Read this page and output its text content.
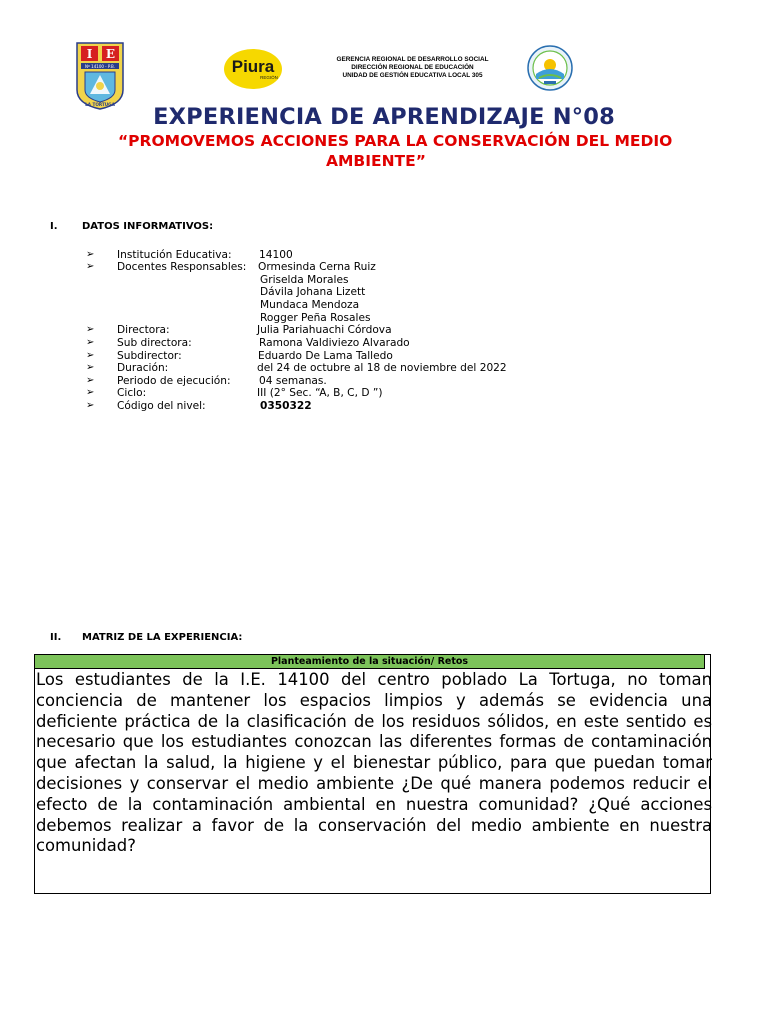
I E
Nº 14100 - P.B.
LA TORTUGA
Piura
REGIÓN
GERENCIA REGIONAL DE DESARROLLO SOCIAL
DIRECCIÓN REGIONAL DE EDUCACIÓN
UNIDAD DE GESTIÓN EDUCATIVA LOCAL 305
EXPERIENCIA DE APRENDIZAJE N°08
“PROMOVEMOS ACCIONES PARA LA CONSERVACIÓN DEL MEDIO
AMBIENTE”
I. DATOS INFORMATIVOS:
➢ Institución Educativa:	14100
➢ Docentes Responsables: Ormesinda Cerna Ruiz
Griselda Morales
Dávila Johana Lizett
Mundaca Mendoza
Rogger Peña Rosales
➢ Directora:	Julia Pariahuachi Córdova
➢ Sub directora:	Ramona Valdiviezo Alvarado
➢ Subdirector:	Eduardo De Lama Talledo
➢ Duración:	del 24 de octubre al 18 de noviembre del 2022
➢ Periodo de ejecución:	04 semanas.
➢ Ciclo:	III (2° Sec. “A, B, C, D ”)
➢ Código del nivel:	0350322
II. MATRIZ DE LA EXPERIENCIA:
Planteamiento de la situación/ Retos
Los estudiantes de la I.E. 14100 del centro poblado La Tortuga, no toman conciencia de mantener los espacios limpios y además se evidencia una deficiente práctica de la clasificación de los residuos sólidos, en este sentido es necesario que los estudiantes conozcan las diferentes formas de contaminación que afectan la salud, la higiene y el bienestar público, para que puedan tomar decisiones y conservar el medio ambiente ¿De qué manera podemos reducir el efecto de la contaminación ambiental en nuestra comunidad? ¿Qué acciones debemos realizar a favor de la conservación del medio ambiente en nuestra comunidad?
